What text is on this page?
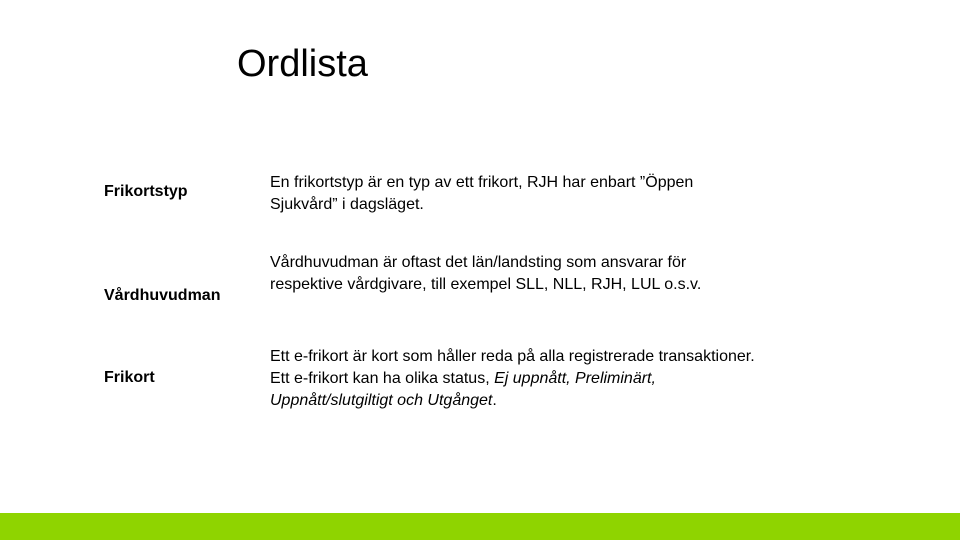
Ordlista
Frikortstyp
En frikortstyp är en typ av ett frikort, RJH har enbart ”Öppen Sjukvård” i dagsläget.
Vårdhuvudman
Vårdhuvudman är oftast det län/landsting som ansvarar för respektive vårdgivare, till exempel SLL, NLL, RJH, LUL o.s.v.
Frikort
Ett e-frikort är kort som håller reda på alla registrerade transaktioner. Ett e-frikort kan ha olika status, Ej uppnått, Preliminärt, Uppnått/slutgiltigt och Utgånget.
